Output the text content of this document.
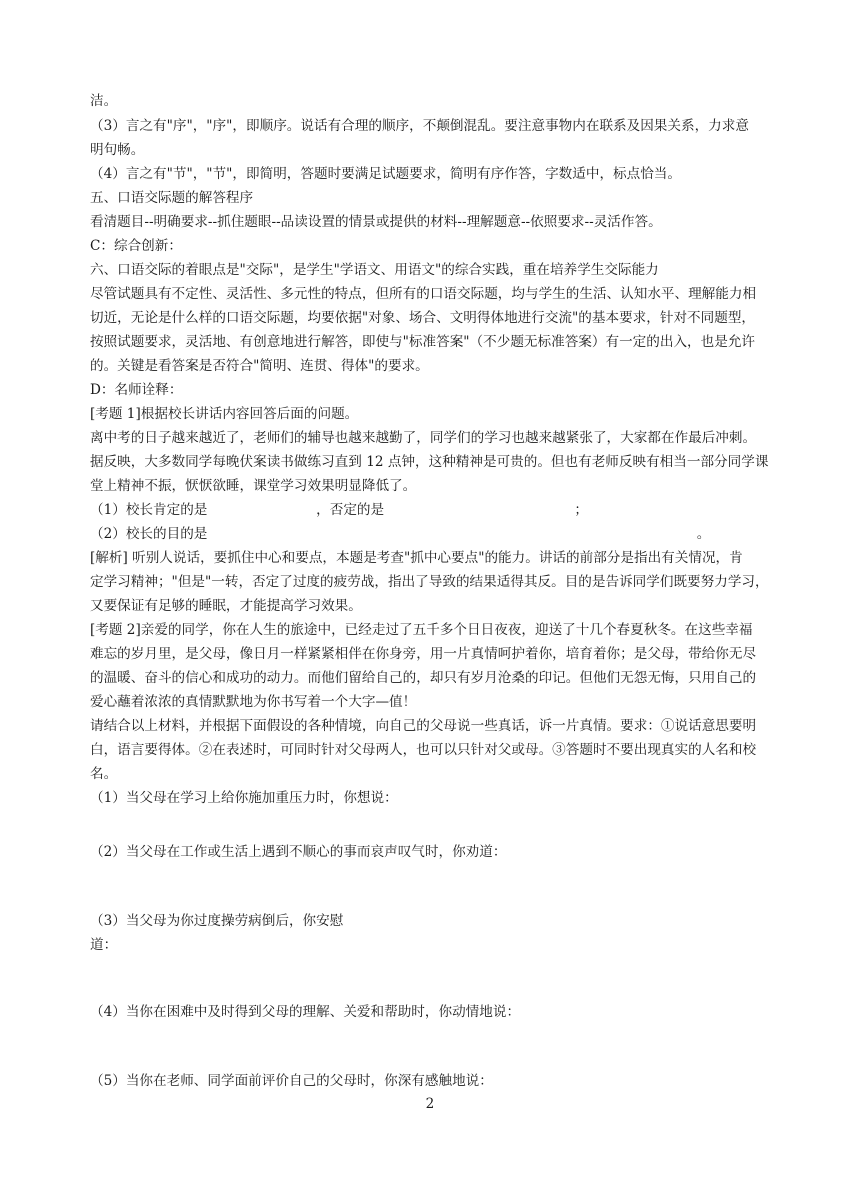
洁。
（3）言之有"序"，"序"，即顺序。说话有合理的顺序，不颠倒混乱。要注意事物内在联系及因果关系，力求意
明句畅。
（4）言之有"节"，"节"，即简明，答题时要满足试题要求，简明有序作答，字数适中，标点恰当。
五、口语交际题的解答程序
看清题目--明确要求--抓住题眼--品读设置的情景或提供的材料--理解题意--依照要求--灵活作答。
C：综合创新：
六、口语交际的着眼点是"交际"，是学生"学语文、用语文"的综合实践，重在培养学生交际能力
尽管试题具有不定性、灵活性、多元性的特点，但所有的口语交际题，均与学生的生活、认知水平、理解能力相
切近，无论是什么样的口语交际题，均要依据"对象、场合、文明得体地进行交流"的基本要求，针对不同题型，
按照试题要求，灵活地、有创意地进行解答，即使与"标准答案"（不少题无标准答案）有一定的出入，也是允许
的。关键是看答案是否符合"简明、连贯、得体"的要求。
D：名师诠释：
[考题 1]根据校长讲话内容回答后面的问题。
离中考的日子越来越近了，老师们的辅导也越来越勤了，同学们的学习也越来越紧张了，大家都在作最后冲刺。
据反映，大多数同学每晚伏案读书做练习直到 12 点钟，这种精神是可贵的。但也有老师反映有相当一部分同学课
堂上精神不振，恹恹欲睡，课堂学习效果明显降低了。
（1）校长肯定的是　　　　　　　　，否定的是　　　　　　　　　　　　　　；
（2）校长的目的是　　　　　　　　　　　　　　　　　　　　　　　　　　　　　　　　　　　　。
[解析] 听别人说话，要抓住中心和要点，本题是考查"抓中心要点"的能力。讲话的前部分是指出有关情况，肯
定学习精神；"但是"一转，否定了过度的疲劳战，指出了导致的结果适得其反。目的是告诉同学们既要努力学习，
又要保证有足够的睡眠，才能提高学习效果。
[考题 2]亲爱的同学，你在人生的旅途中，已经走过了五千多个日日夜夜，迎送了十几个春夏秋冬。在这些幸福
难忘的岁月里，是父母，像日月一样紧紧相伴在你身旁，用一片真情呵护着你，培育着你；是父母，带给你无尽
的温暖、奋斗的信心和成功的动力。而他们留给自己的，却只有岁月沧桑的印记。但他们无怨无悔，只用自己的
爱心蘸着浓浓的真情默默地为你书写着一个大字—值！
请结合以上材料，并根据下面假设的各种情境，向自己的父母说一些真话，诉一片真情。要求：①说话意思要明
白，语言要得体。②在表述时，可同时针对父母两人，也可以只针对父或母。③答题时不要出现真实的人名和校
名。
（1）当父母在学习上给你施加重压力时，你想说：
（2）当父母在工作或生活上遇到不顺心的事而哀声叹气时，你劝道：
（3）当父母为你过度操劳病倒后，你安慰
道：
（4）当你在困难中及时得到父母的理解、关爱和帮助时，你动情地说：
（5）当你在老师、同学面前评价自己的父母时，你深有感触地说：
2
